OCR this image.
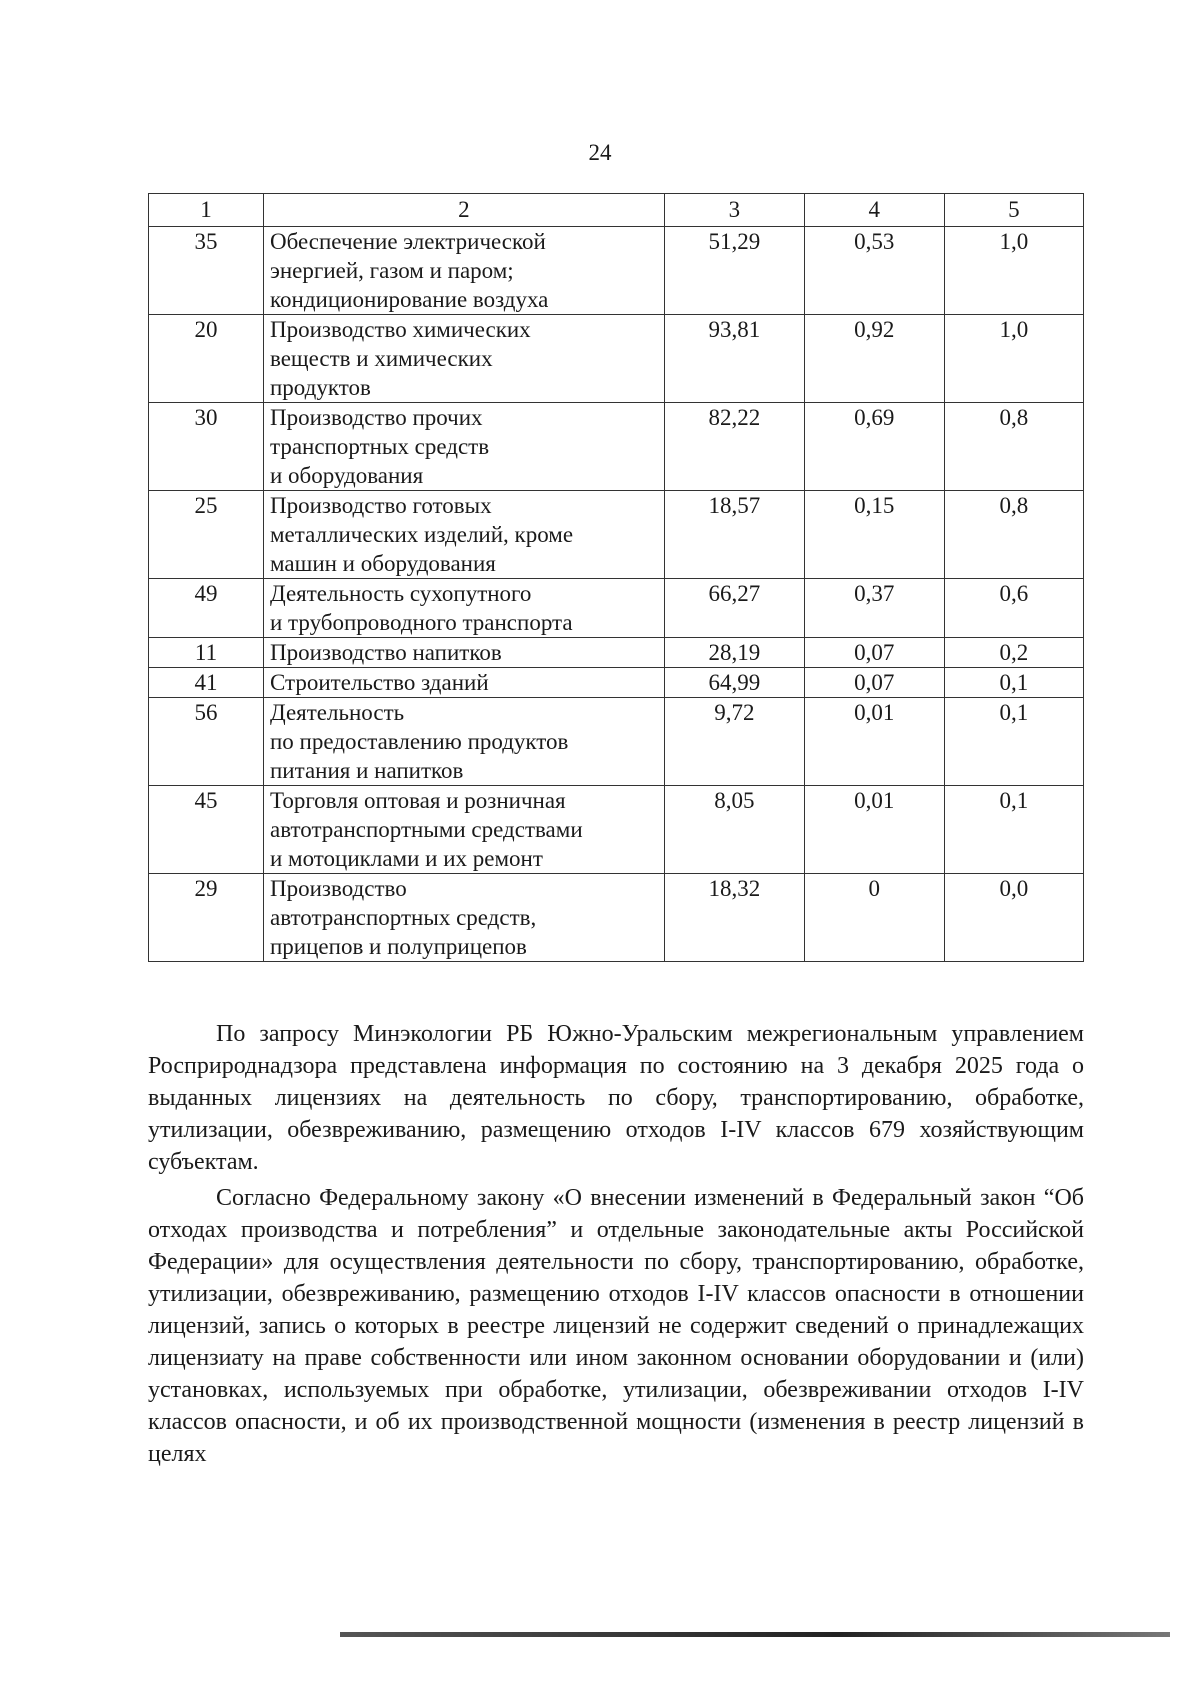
24
1	2	3	4	5
35	Обеспечение электрической
энергией, газом и паром;
кондиционирование воздуха	51,29	0,53	1,0
20	Производство химических
веществ и химических
продуктов	93,81	0,92	1,0
30	Производство прочих
транспортных средств
и оборудования	82,22	0,69	0,8
25	Производство готовых
металлических изделий, кроме
машин и оборудования	18,57	0,15	0,8
49	Деятельность сухопутного
и трубопроводного транспорта	66,27	0,37	0,6
11	Производство напитков	28,19	0,07	0,2
41	Строительство зданий	64,99	0,07	0,1
56	Деятельность
по предоставлению продуктов
питания и напитков	9,72	0,01	0,1
45	Торговля оптовая и розничная
автотранспортными средствами
и мотоциклами и их ремонт	8,05	0,01	0,1
29	Производство
автотранспортных средств,
прицепов и полуприцепов	18,32	0	0,0

По запросу Минэкологии РБ Южно-Уральским межрегиональным управлением Росприроднадзора представлена информация по состоянию на 3 декабря 2025 года о выданных лицензиях на деятельность по сбору, транспортированию, обработке, утилизации, обезвреживанию, размещению отходов I-IV классов 679 хозяйствующим субъектам.

Согласно Федеральному закону «О внесении изменений в Федеральный закон “Об отходах производства и потребления” и отдельные законодательные акты Российской Федерации» для осуществления деятельности по сбору, транспортированию, обработке, утилизации, обезвреживанию, размещению отходов I-IV классов опасности в отношении лицензий, запись о которых в реестре лицензий не содержит сведений о принадлежащих лицензиату на праве собственности или ином законном основании оборудовании и (или) установках, используемых при обработке, утилизации, обезвреживании отходов I-IV классов опасности, и об их производственной мощности (изменения в реестр лицензий в целях
